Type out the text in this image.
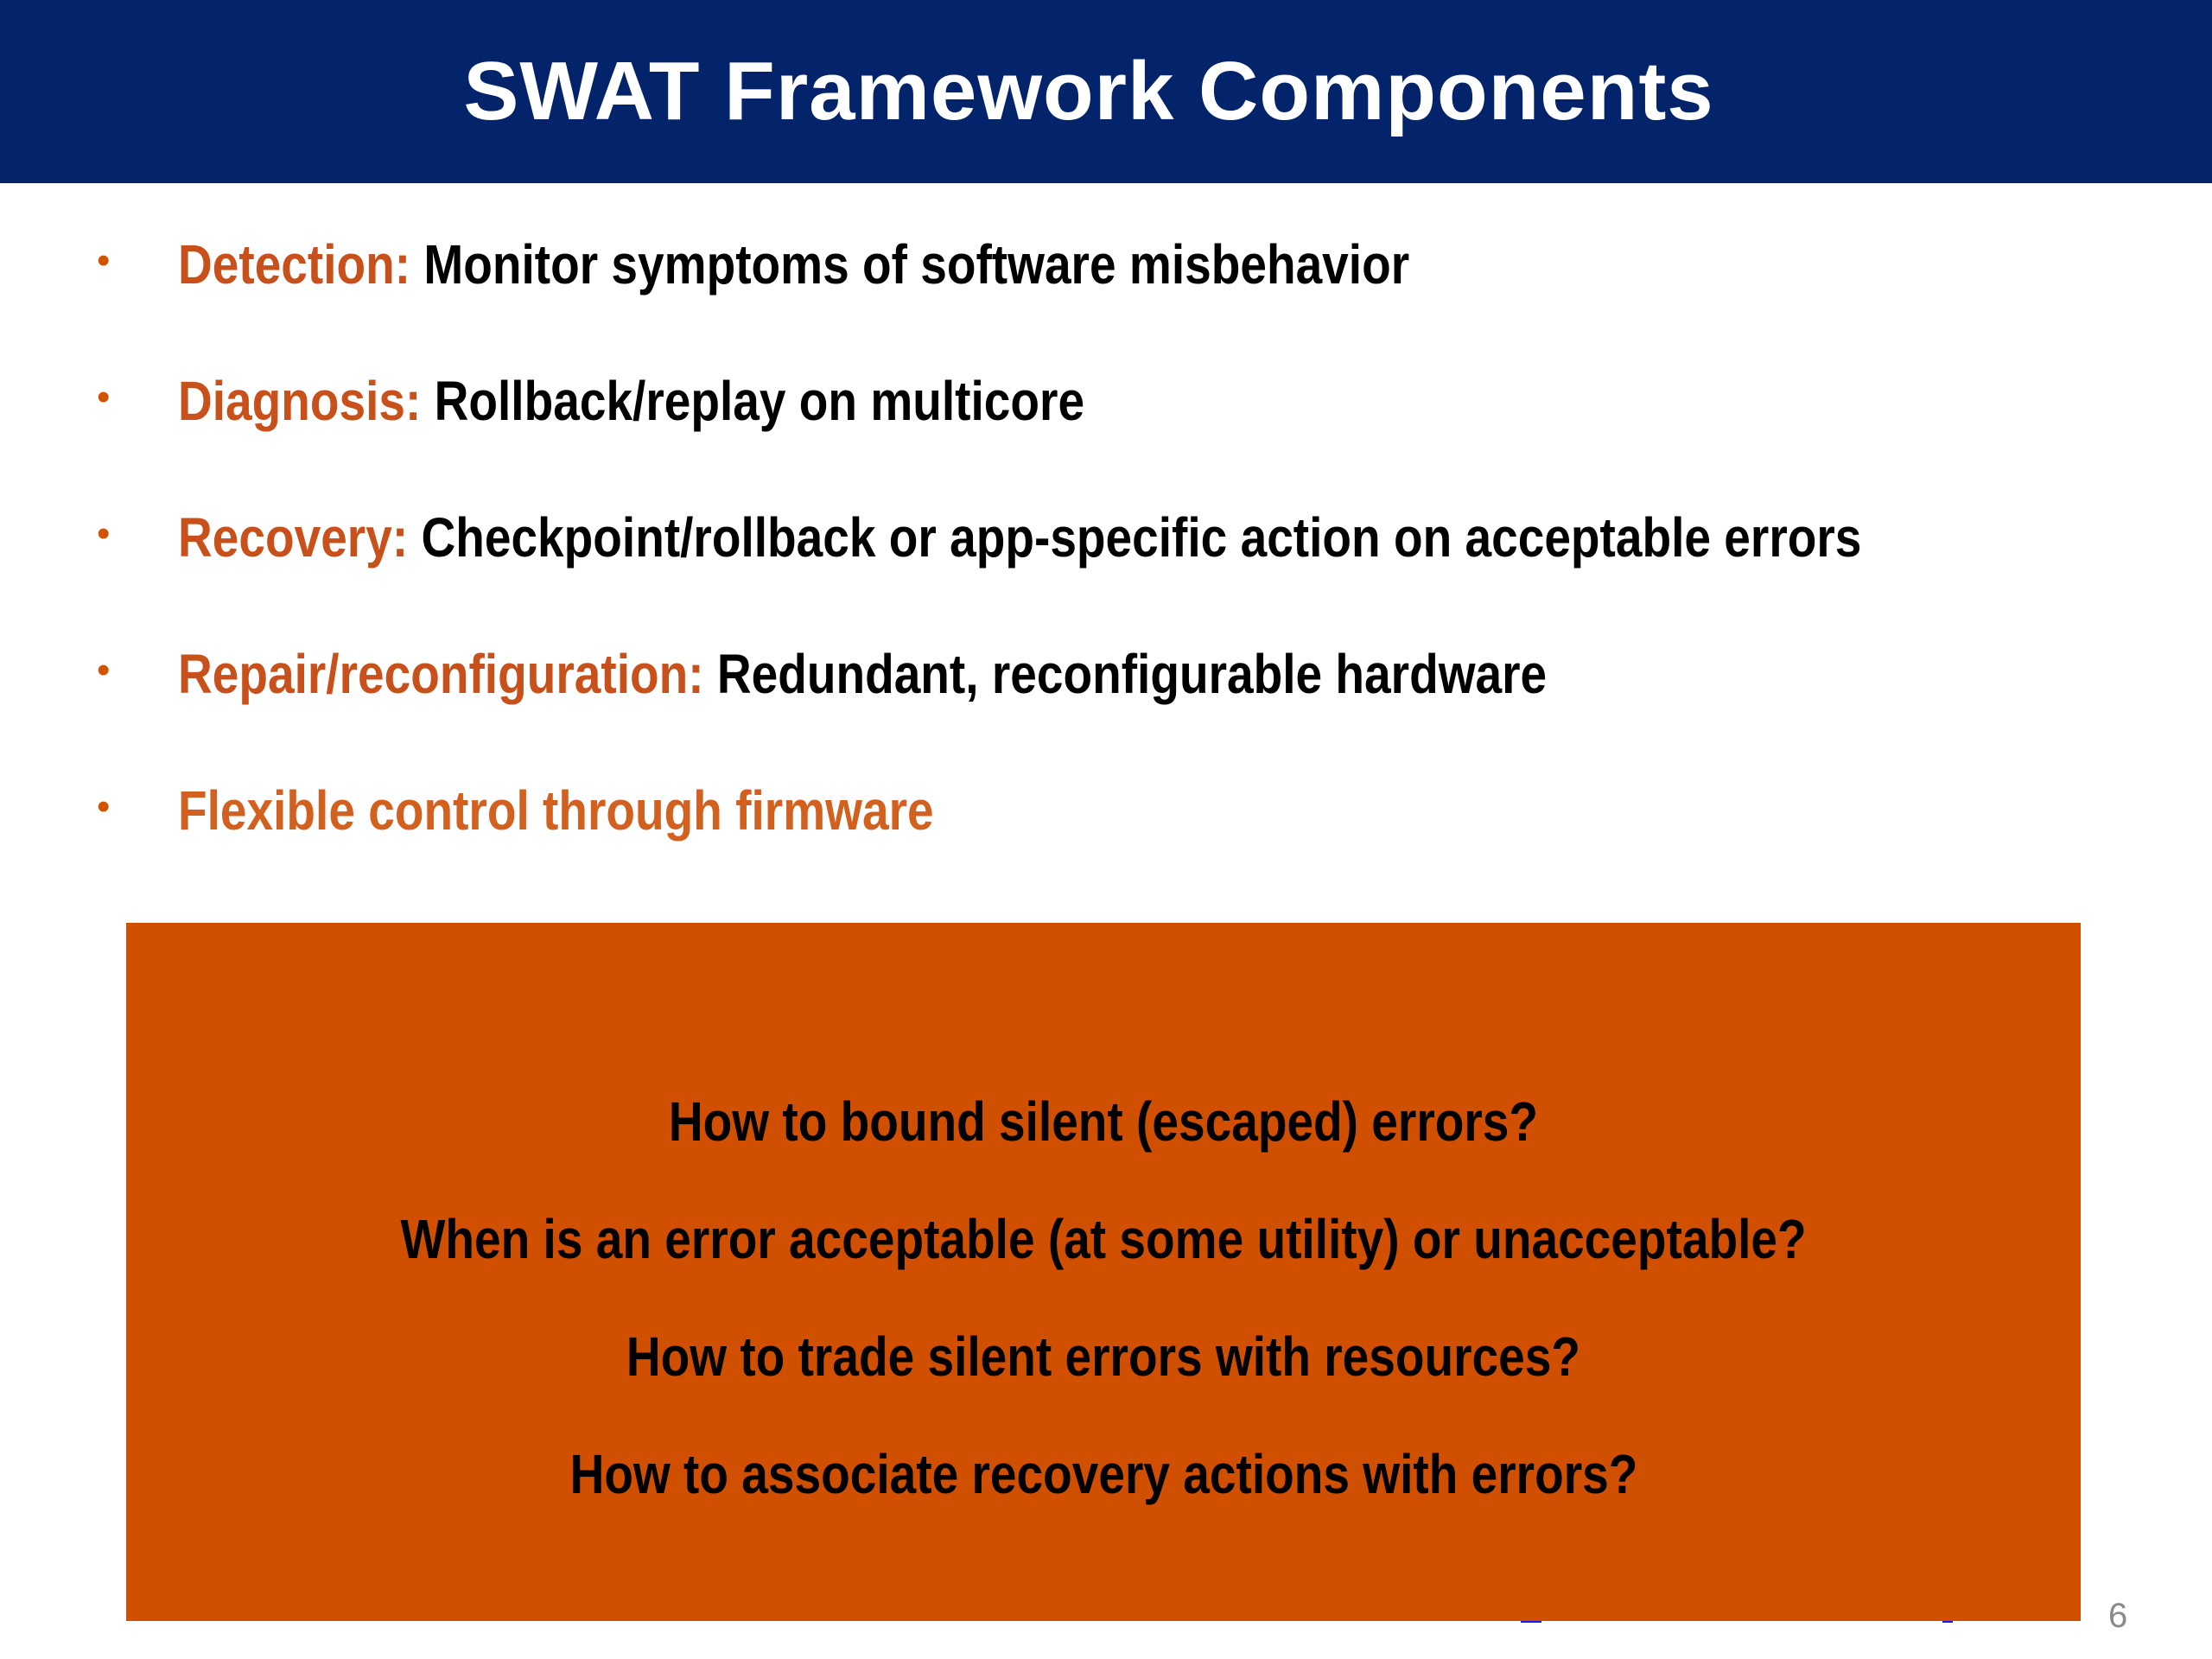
SWAT Framework Components
• Detection: Monitor symptoms of software misbehavior
• Diagnosis: Rollback/replay on multicore
• Recovery: Checkpoint/rollback or app-specific action on acceptable errors
• Repair/reconfiguration: Redundant, reconfigurable hardware
• Flexible control through firmware
How to bound silent (escaped) errors?
When is an error acceptable (at some utility) or unacceptable?
How to trade silent errors with resources?
How to associate recovery actions with errors?
6
